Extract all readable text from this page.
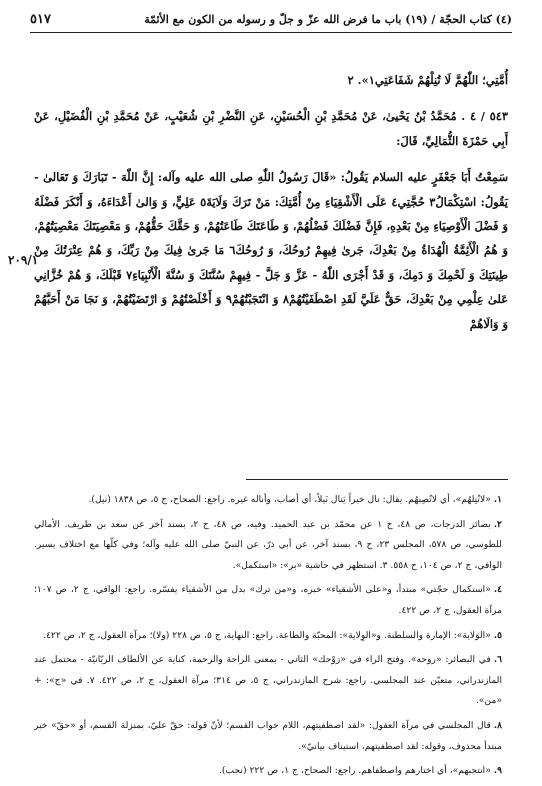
(٤) كتاب الحجّة / (١٩) باب ما فرض الله عزّ و جلّ و رسوله من الكون مع الأئمّة
٥١٧
٢٠٩/١

أُمَّتِي؛ اللّٰهُمَّ لَا تُنِلْهُمْ شَفَاعَتِي١». ٢

٥٤٣ / ٤ . مُحَمَّدُ بْنُ يَحْيىٰ، عَنْ مُحَمَّدِ بْنِ الْحُسَيْنِ، عَنِ النَّضْرِ بْنِ شُعَيْبٍ، عَنْ مُحَمَّدِ بْنِ الْفُضَيْلِ، عَنْ أَبِي حَمْزَةَ الثُّمَالِيِّ، قَالَ:

سَمِعْتُ أَبَا جَعْفَرٍ عليه السلام يَقُولُ: «قَالَ رَسُولُ اللّٰهِ صلى الله عليه وآله: إِنَّ اللّٰهَ - تَبَارَكَ وَ تَعَالىٰ - يَقُولُ: اسْتِكْمَالُ٣ حُجَّتِي٤ عَلَى الْأَشْقِيَاءِ مِنْ أُمَّتِكَ: مَنْ تَرَكَ وَلَايَةَ٥ عَلِيٍّ، وَ وَالىٰ أَعْدَاءَهُ، وَ أَنْكَرَ فَضْلَهُ وَ فَضْلَ الْأَوْصِيَاءِ مِنْ بَعْدِهِ، فَإِنَّ فَضْلَكَ فَضْلُهُمْ، وَ طَاعَتَكَ طَاعَتُهُمْ، وَ حَقَّكَ حَقُّهُمْ، وَ مَعْصِيَتَكَ مَعْصِيَتُهُمْ، وَ هُمُ الْأَئِمَّةُ الْهُدَاةُ مِنْ بَعْدِكَ، جَرىٰ فِيهِمْ رُوحُكَ، وَ رُوحُكَ٦ مَا جَرىٰ فِيكَ مِنْ رَبِّكَ، وَ هُمْ عِتْرَتُكَ مِنْ طِينَتِكَ وَ لَحْمِكَ وَ دَمِكَ، وَ قَدْ أَجْرَى اللّٰهُ - عَزَّ وَ جَلَّ - فِيهِمْ سُنَّتَكَ وَ سُنَّةَ الْأَنْبِيَاءِ٧ قَبْلَكَ، وَ هُمْ خُزَّانِي عَلىٰ عِلْمِي مِنْ بَعْدِكَ، حَقٌّ عَلَيَّ لَقَدِ اصْطَفَيْتُهُمْ٨ وَ انْتَجَبْتُهُمْ٩ وَ أَخْلَصْتُهُمْ وَ ارْتَضَيْتُهُمْ، وَ نَجَا مَنْ أَحَبَّهُمْ وَ وَالَاهُمْ

١.«لاتُنِلهُم»، أي لاتُصِبهُم. يقال: نال خيراً يَنال نَيلاً، أي أصاب، وأناله غيره. راجع: الصحاح، ج ٥، ص ١٨٣٨ (نيل).

٢.بصائر الدرجات، ص ٤٨، ح ١ عن محمّد بن عبد الحميد. وفيه، ص ٤٨، ح ٢، بسند آخر عن سعد بن طريف. الأمالي للطوسي، ص ٥٧٨، المجلس ٢٣، ح ٩، بسند آخر، عن أبي ذرّ، عن النبيّ صلى الله عليه وآله؛ وفي كلّها مع اختلاف يسير. الوافي، ج ٢، ص ١٠٤، ح ٥٥٨. ٣. استظهر في حاشية «بر»: «استكمل».

٤.«استكمال حجّتي» مبتدأ، و«على الأشقياء» خبره، و«من ترك» بدل من الأشقياء يفسّره. راجع: الوافي، ج ٢، ص ١٠٧؛ مرآة العقول، ج ٢، ص ٤٢٢.

٥.«الوَلاية»: الإمارة والسلطنة. و«الوِلاية»: المحبّة والطاعة. راجع: النهاية، ج ٥، ص ٢٢٨ (ولا)؛ مرآة العقول، ج ٢، ص ٤٢٢.

٦.في البصائر: «روحه». وفتح الراء في «رَوْحك» الثاني - بمعنى الراحة والرحمة، كناية عن الألطاف الربّانيّة - محتمل عند المازندراني، متعيّن عند المجلسي. راجع: شرح المازندراني، ج ٥، ص ٣١٤؛ مرآة العقول، ج ٢، ص ٤٢٢. ٧. في «ج»: + «من».

٨.قال المجلسي في مرآة العقول: «لقد اصطفيتهم، اللام جواب القسم؛ لأنّ قوله: حقّ عليّ، بمنزلة القسم، أو «حقّ» خبر مبتدأ محذوف، وقوله: لقد اصطفيتهم، استيناف بيانيّ».

٩.«انتجبهم»، أي اختارهم واصطفاهم. راجع: الصحاح، ج ١، ص ٢٢٢ (نجب).
